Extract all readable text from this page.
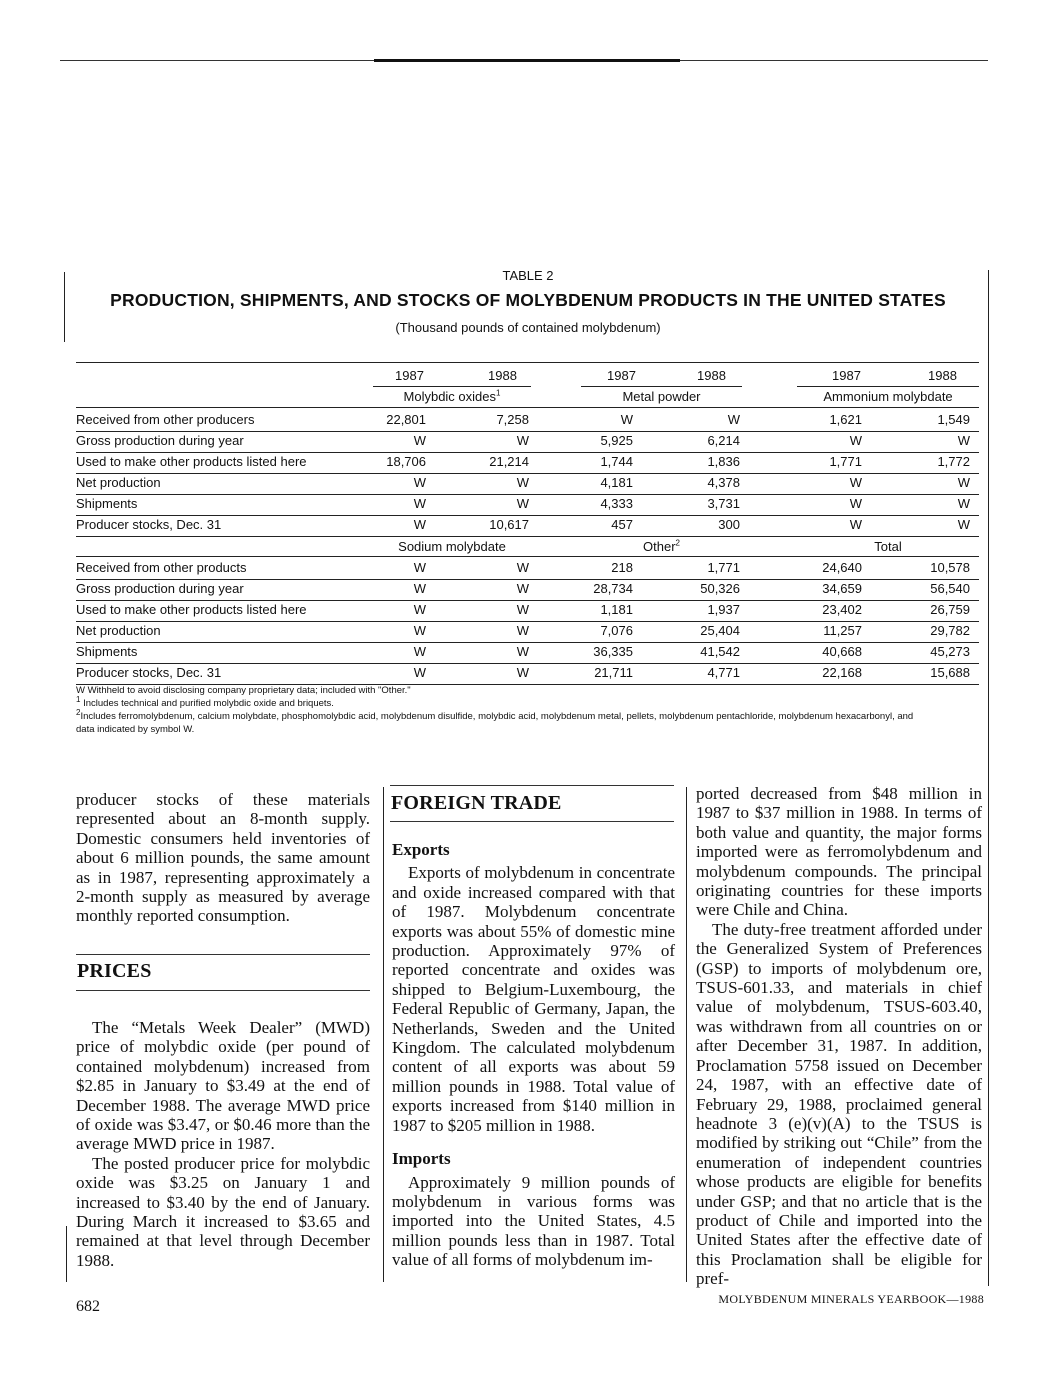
TABLE 2
PRODUCTION, SHIPMENTS, AND STOCKS OF MOLYBDENUM PRODUCTS IN THE UNITED STATES
(Thousand pounds of contained molybdenum)
1987	1988	1987	1988	1987	1988
Molybdic oxides$^1$	Metal powder	Ammonium molybdate
Received from other producers	22,801	7,258	W	W	1,621	1,549
Gross production during year	W	W	5,925	6,214	W	W
Used to make other products listed here	18,706	21,214	1,744	1,836	1,771	1,772
Net production	W	W	4,181	4,378	W	W
Shipments	W	W	4,333	3,731	W	W
Producer stocks, Dec. 31	W	10,617	457	300	W	W
Sodium molybdate	Other$^2$	Total
Received from other products	W	W	218	1,771	24,640	10,578
Gross production during year	W	W	28,734	50,326	34,659	56,540
Used to make other products listed here	W	W	1,181	1,937	23,402	26,759
Net production	W	W	7,076	25,404	11,257	29,782
Shipments	W	W	36,335	41,542	40,668	45,273
Producer stocks, Dec. 31	W	W	21,711	4,771	22,168	15,688
W Withheld to avoid disclosing company proprietary data; included with "Other."
$^1$ Includes technical and purified molybdic oxide and briquets.
$^2$Includes ferromolybdenum, calcium molybdate, phosphomolybdic acid, molybdenum disulfide, molybdic acid, molybdenum metal, pellets, molybdenum pentachloride, molybdenum hexacarbonyl, and
data indicated by symbol W.

producer stocks of these materials represented about an 8-month supply. Domestic consumers held inventories of about 6 million pounds, the same amount as in 1987, representing approximately a 2-month supply as measured by average monthly reported consumption.

PRICES

The “Metals Week Dealer” (MWD) price of molybdic oxide (per pound of contained molybdenum) increased from $2.85 in January to $3.49 at the end of December 1988. The average MWD price of oxide was $3.47, or $0.46 more than the average MWD price in 1987.

The posted producer price for molybdic oxide was $3.25 on January 1 and increased to $3.40 by the end of January. During March it increased to $3.65 and remained at that level through December 1988.

FOREIGN TRADE
Exports

Exports of molybdenum in concentrate and oxide increased compared with that of 1987. Molybdenum concentrate exports was about 55% of domestic mine production. Approximately 97% of reported concentrate and oxides was shipped to Belgium-Luxembourg, the Federal Republic of Germany, Japan, the Netherlands, Sweden and the United Kingdom. The calculated molybdenum content of all exports was about 59 million pounds in 1988. Total value of exports increased from $140 million in 1987 to $205 million in 1988.

Imports

Approximately 9 million pounds of molybdenum in various forms was imported into the United States, 4.5 million pounds less than in 1987. Total value of all forms of molybdenum im-

ported decreased from $48 million in 1987 to $37 million in 1988. In terms of both value and quantity, the major forms imported were as ferromolybdenum and molybdenum compounds. The principal originating countries for these imports were Chile and China.

The duty-free treatment afforded under the Generalized System of Preferences (GSP) to imports of molybdenum ore, TSUS-601.33, and materials in chief value of molybdenum, TSUS-603.40, was withdrawn from all countries on or after December 31, 1987. In addition, Proclamation 5758 issued on December 24, 1987, with an effective date of February 29, 1988, proclaimed general headnote 3 (e)(v)(A) to the TSUS is modified by striking out “Chile” from the enumeration of independent countries whose products are eligible for benefits under GSP; and that no article that is the product of Chile and imported into the United States after the effective date of this Proclamation shall be eligible for pref-

682	MOLYBDENUM MINERALS YEARBOOK—1988
